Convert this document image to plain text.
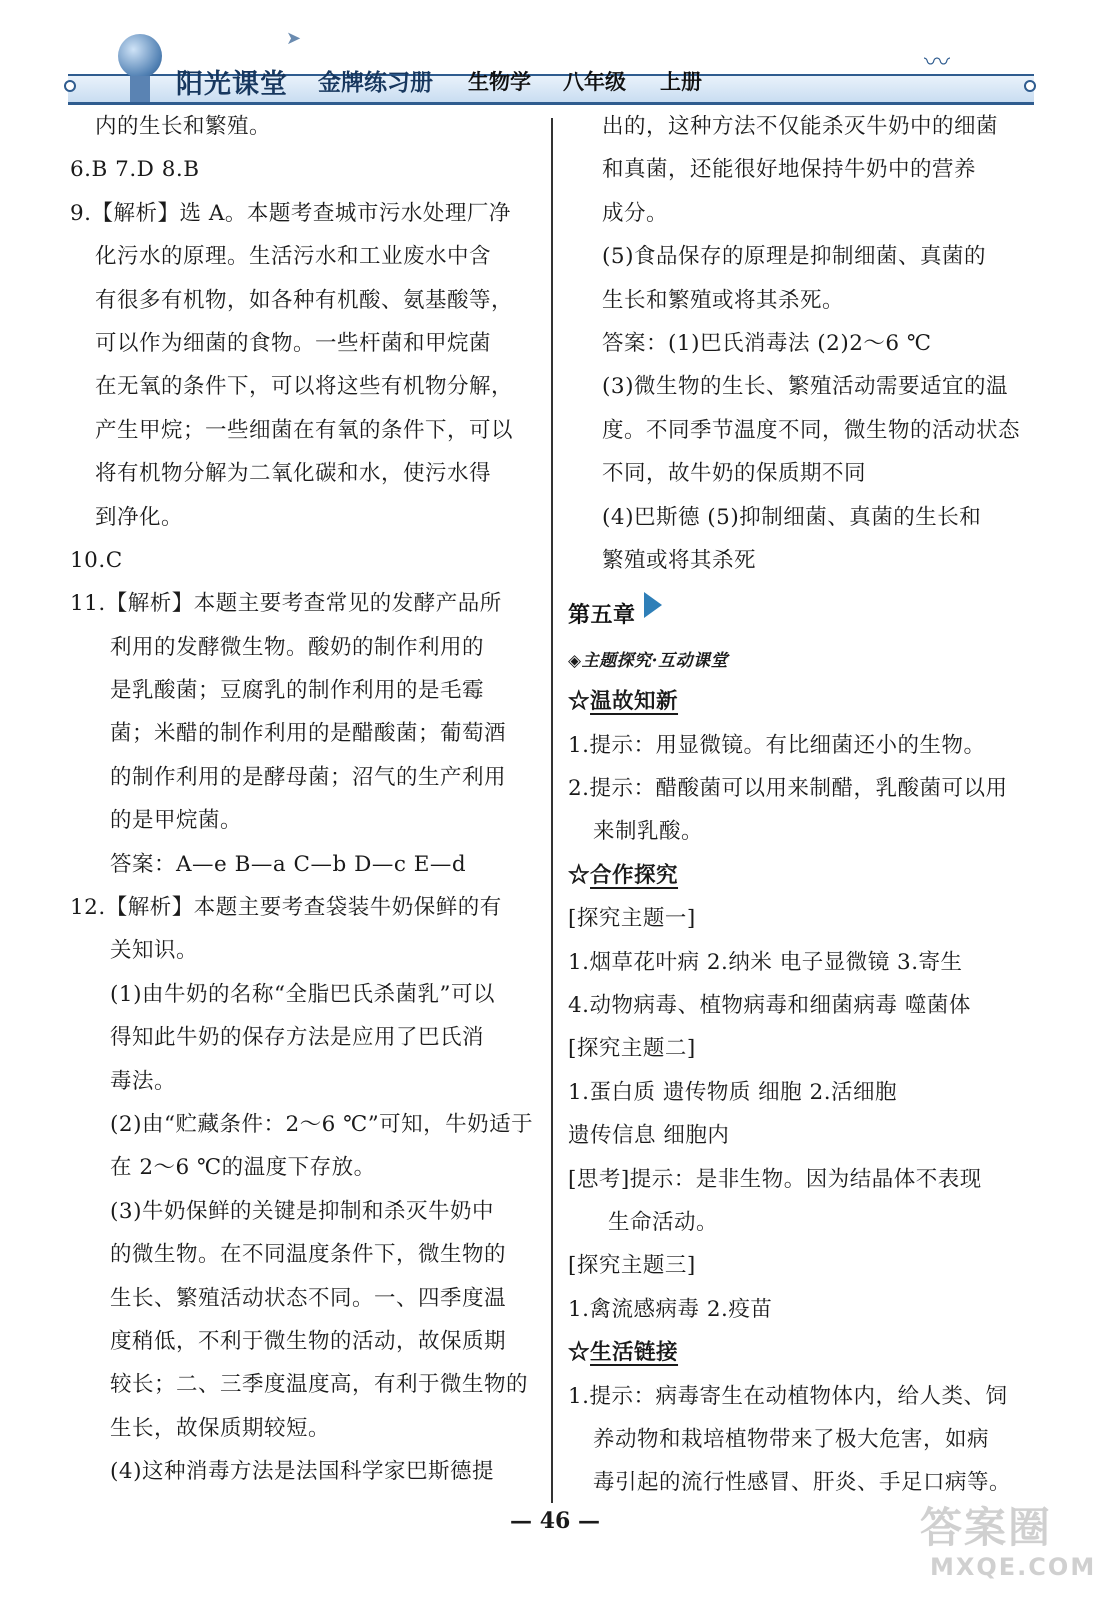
➤
阳光课堂 金牌练习册 生物学 八年级 上册
〰
内的生长和繁殖。
6.B 7.D 8.B
9.【解析】选 A。本题考查城市污水处理厂净
化污水的原理。生活污水和工业废水中含
有很多有机物，如各种有机酸、氨基酸等，
可以作为细菌的食物。一些杆菌和甲烷菌
在无氧的条件下，可以将这些有机物分解，
产生甲烷；一些细菌在有氧的条件下，可以
将有机物分解为二氧化碳和水，使污水得
到净化。
10.C
11.【解析】本题主要考查常见的发酵产品所
利用的发酵微生物。酸奶的制作利用的
是乳酸菌；豆腐乳的制作利用的是毛霉
菌；米醋的制作利用的是醋酸菌；葡萄酒
的制作利用的是酵母菌；沼气的生产利用
的是甲烷菌。
答案：A—e B—a C—b D—c E—d
12.【解析】本题主要考查袋装牛奶保鲜的有
关知识。
(1)由牛奶的名称“全脂巴氏杀菌乳”可以
得知此牛奶的保存方法是应用了巴氏消
毒法。
(2)由“贮藏条件：2～6 ℃”可知，牛奶适于
在 2～6 ℃的温度下存放。
(3)牛奶保鲜的关键是抑制和杀灭牛奶中
的微生物。在不同温度条件下，微生物的
生长、繁殖活动状态不同。一、四季度温
度稍低，不利于微生物的活动，故保质期
较长；二、三季度温度高，有利于微生物的
生长，故保质期较短。
(4)这种消毒方法是法国科学家巴斯德提
出的，这种方法不仅能杀灭牛奶中的细菌
和真菌，还能很好地保持牛奶中的营养
成分。
(5)食品保存的原理是抑制细菌、真菌的
生长和繁殖或将其杀死。
答案：(1)巴氏消毒法 (2)2～6 ℃
(3)微生物的生长、繁殖活动需要适宜的温
度。不同季节温度不同，微生物的活动状态
不同，故牛奶的保质期不同
(4)巴斯德 (5)抑制细菌、真菌的生长和
繁殖或将其杀死
第五章
◈主题探究·互动课堂
☆温故知新
1.提示：用显微镜。有比细菌还小的生物。
2.提示：醋酸菌可以用来制醋，乳酸菌可以用
来制乳酸。
☆合作探究
[探究主题一]
1.烟草花叶病 2.纳米 电子显微镜 3.寄生
4.动物病毒、植物病毒和细菌病毒 噬菌体
[探究主题二]
1.蛋白质 遗传物质 细胞 2.活细胞
遗传信息 细胞内
[思考]提示：是非生物。因为结晶体不表现
生命活动。
[探究主题三]
1.禽流感病毒 2.疫苗
☆生活链接
1.提示：病毒寄生在动植物体内，给人类、饲
养动物和栽培植物带来了极大危害，如病
毒引起的流行性感冒、肝炎、手足口病等。
— 46 —	答案圈
MXQE.COM
